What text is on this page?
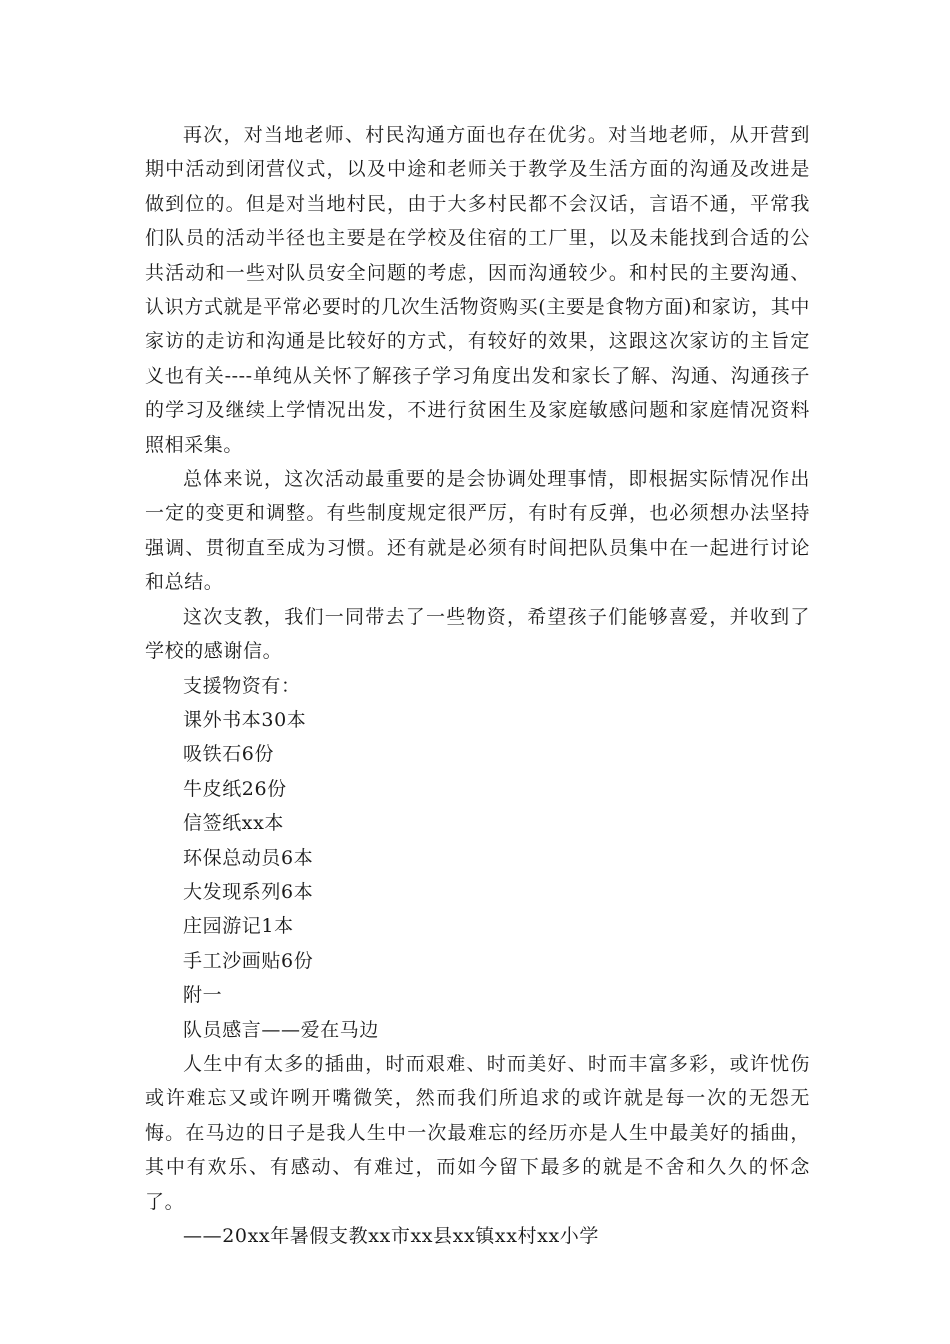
再次，对当地老师、村民沟通方面也存在优劣。对当地老师，从开营到期中活动到闭营仪式，以及中途和老师关于教学及生活方面的沟通及改进是做到位的。但是对当地村民，由于大多村民都不会汉话，言语不通，平常我们队员的活动半径也主要是在学校及住宿的工厂里，以及未能找到合适的公共活动和一些对队员安全问题的考虑，因而沟通较少。和村民的主要沟通、认识方式就是平常必要时的几次生活物资购买(主要是食物方面)和家访，其中家访的走访和沟通是比较好的方式，有较好的效果，这跟这次家访的主旨定义也有关----单纯从关怀了解孩子学习角度出发和家长了解、沟通、沟通孩子的学习及继续上学情况出发，不进行贫困生及家庭敏感问题和家庭情况资料照相采集。

总体来说，这次活动最重要的是会协调处理事情，即根据实际情况作出一定的变更和调整。有些制度规定很严厉，有时有反弹，也必须想办法坚持强调、贯彻直至成为习惯。还有就是必须有时间把队员集中在一起进行讨论和总结。

这次支教，我们一同带去了一些物资，希望孩子们能够喜爱，并收到了学校的感谢信。

支援物资有：

课外书本30本

吸铁石6份

牛皮纸26份

信签纸xx本

环保总动员6本

大发现系列6本

庄园游记1本

手工沙画贴6份

附一

队员感言——爱在马边

人生中有太多的插曲，时而艰难、时而美好、时而丰富多彩，或许忧伤或许难忘又或许咧开嘴微笑，然而我们所追求的或许就是每一次的无怨无悔。在马边的日子是我人生中一次最难忘的经历亦是人生中最美好的插曲，其中有欢乐、有感动、有难过，而如今留下最多的就是不舍和久久的怀念了。

——20xx年暑假支教xx市xx县xx镇xx村xx小学
